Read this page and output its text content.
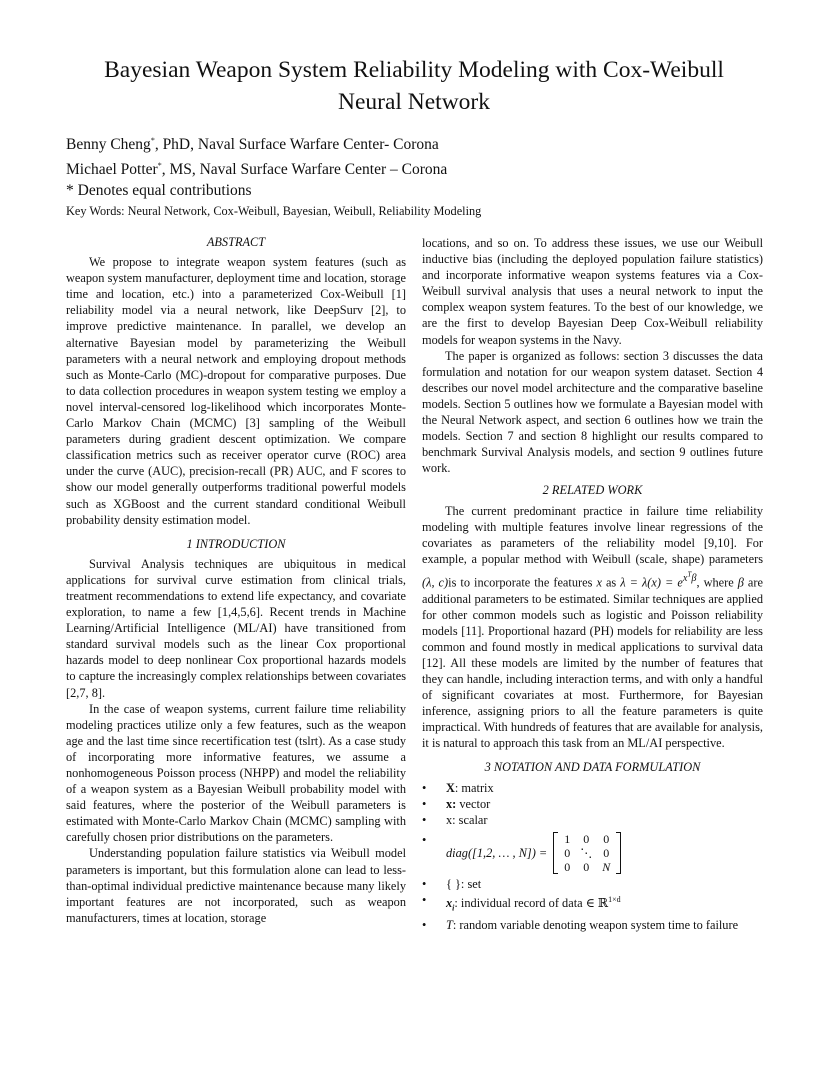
Bayesian Weapon System Reliability Modeling with Cox-Weibull Neural Network
Benny Cheng*, PhD, Naval Surface Warfare Center- Corona
Michael Potter*, MS, Naval Surface Warfare Center – Corona
* Denotes equal contributions
Key Words: Neural Network, Cox-Weibull, Bayesian, Weibull, Reliability Modeling
ABSTRACT

We propose to integrate weapon system features (such as weapon system manufacturer, deployment time and location, storage time and location, etc.) into a parameterized Cox-Weibull [1] reliability model via a neural network, like DeepSurv [2], to improve predictive maintenance. In parallel, we develop an alternative Bayesian model by parameterizing the Weibull parameters with a neural network and employing dropout methods such as Monte-Carlo (MC)-dropout for comparative purposes. Due to data collection procedures in weapon system testing we employ a novel interval-censored log-likelihood which incorporates Monte-Carlo Markov Chain (MCMC) [3] sampling of the Weibull parameters during gradient descent optimization. We compare classification metrics such as receiver operator curve (ROC) area under the curve (AUC), precision-recall (PR) AUC, and F scores to show our model generally outperforms traditional powerful models such as XGBoost and the current standard conditional Weibull probability density estimation model.

1 INTRODUCTION

Survival Analysis techniques are ubiquitous in medical applications for survival curve estimation from clinical trials, treatment recommendations to extend life expectancy, and covariate exploration, to name a few [1,4,5,6]. Recent trends in Machine Learning/Artificial Intelligence (ML/AI) have transitioned from standard survival models such as the linear Cox proportional hazards model to deep nonlinear Cox proportional hazards models to capture the increasingly complex relationships between covariates [2,7, 8].

In the case of weapon systems, current failure time reliability modeling practices utilize only a few features, such as the weapon age and the last time since recertification test (tslrt). As a case study of incorporating more informative features, we assume a nonhomogeneous Poisson process (NHPP) and model the reliability of a weapon system as a Bayesian Weibull probability model with said features, where the posterior of the Weibull parameters is estimated with Monte-Carlo Markov Chain (MCMC) sampling with carefully chosen prior distributions on the parameters.

Understanding population failure statistics via Weibull model parameters is important, but this formulation alone can lead to less-than-optimal individual predictive maintenance because many likely important features are not incorporated, such as weapon manufacturers, times at location, storage

locations, and so on. To address these issues, we use our Weibull inductive bias (including the deployed population failure statistics) and incorporate informative weapon systems features via a Cox-Weibull survival analysis that uses a neural network to input the complex weapon system features. To the best of our knowledge, we are the first to develop Bayesian Deep Cox-Weibull reliability models for weapon systems in the Navy.

The paper is organized as follows: section 3 discusses the data formulation and notation for our weapon system dataset. Section 4 describes our novel model architecture and the comparative baseline models. Section 5 outlines how we formulate a Bayesian model with the Neural Network aspect, and section 6 outlines how we train the models. Section 7 and section 8 highlight our results compared to benchmark Survival Analysis models, and section 9 outlines future work.

2 RELATED WORK

The current predominant practice in failure time reliability modeling with multiple features involve linear regressions of the covariates as parameters of the reliability model [9,10]. For example, a popular method with Weibull (scale, shape) parameters (λ, c)is to incorporate the features x as $\lambda = \lambda(x) = e^{x^T\beta}$, where β are additional parameters to be estimated. Similar techniques are applied for other common models such as logistic and Poisson reliability models [11]. Proportional hazard (PH) models for reliability are less common and found mostly in medical applications to survival data [12]. All these models are limited by the number of features that they can handle, including interaction terms, and with only a handful of significant covariates at most. Furthermore, for Bayesian inference, assigning priors to all the feature parameters is quite impractical. With hundreds of features that are available for analysis, it is natural to approach this task from an ML/AI perspective.

3 NOTATION AND DATA FORMULATION
• X: matrix
• x: vector
• x: scalar
• diag([1,2, … , N]) =
1	0	0
0	⋱	0
0	0	N
• { }: set
• $x_i$: individual record of data ∈ ℝ$^{1\times d}$
• T: random variable denoting weapon system time to failure
